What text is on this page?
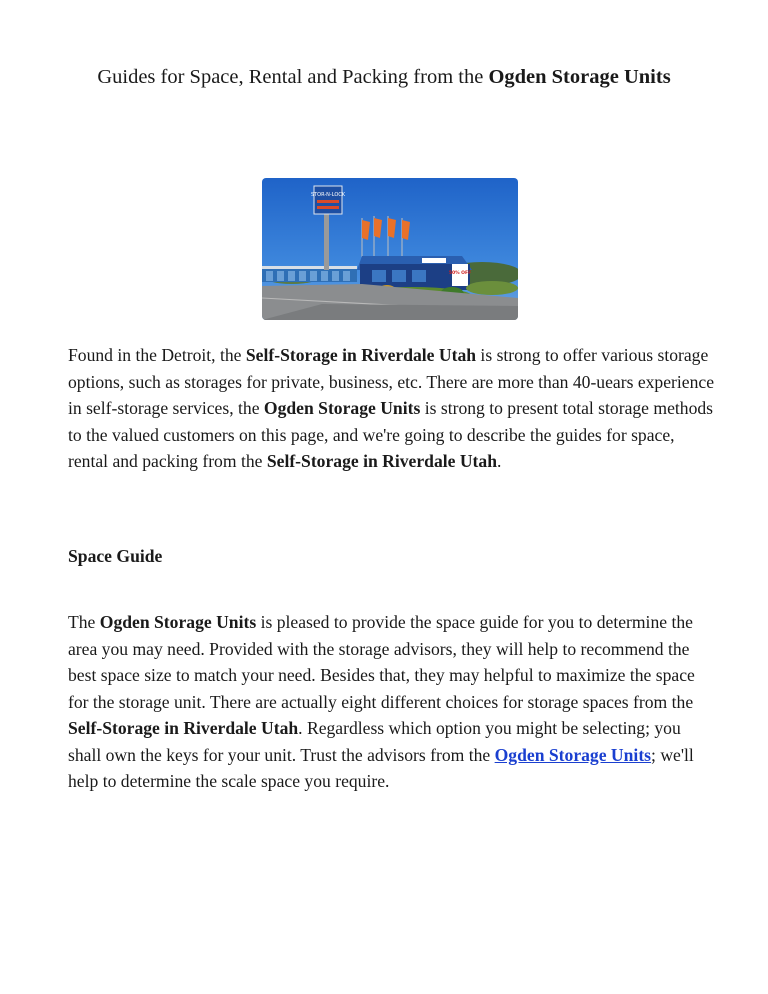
Guides for Space, Rental and Packing from the Ogden Storage Units
STOR-N-LOCK
50% OFF

Found in the Detroit, the Self-Storage in Riverdale Utah is strong to offer various storage options, such as storages for private, business, etc. There are more than 40-uears experience in self-storage services, the Ogden Storage Units is strong to present total storage methods to the valued customers on this page, and we're going to describe the guides for space, rental and packing from the Self-Storage in Riverdale Utah.

Space Guide

The Ogden Storage Units is pleased to provide the space guide for you to determine the area you may need. Provided with the storage advisors, they will help to recommend the best space size to match your need. Besides that, they may helpful to maximize the space for the storage unit. There are actually eight different choices for storage spaces from the Self-Storage in Riverdale Utah. Regardless which option you might be selecting; you shall own the keys for your unit. Trust the advisors from the Ogden Storage Units; we'll help to determine the scale space you require.
